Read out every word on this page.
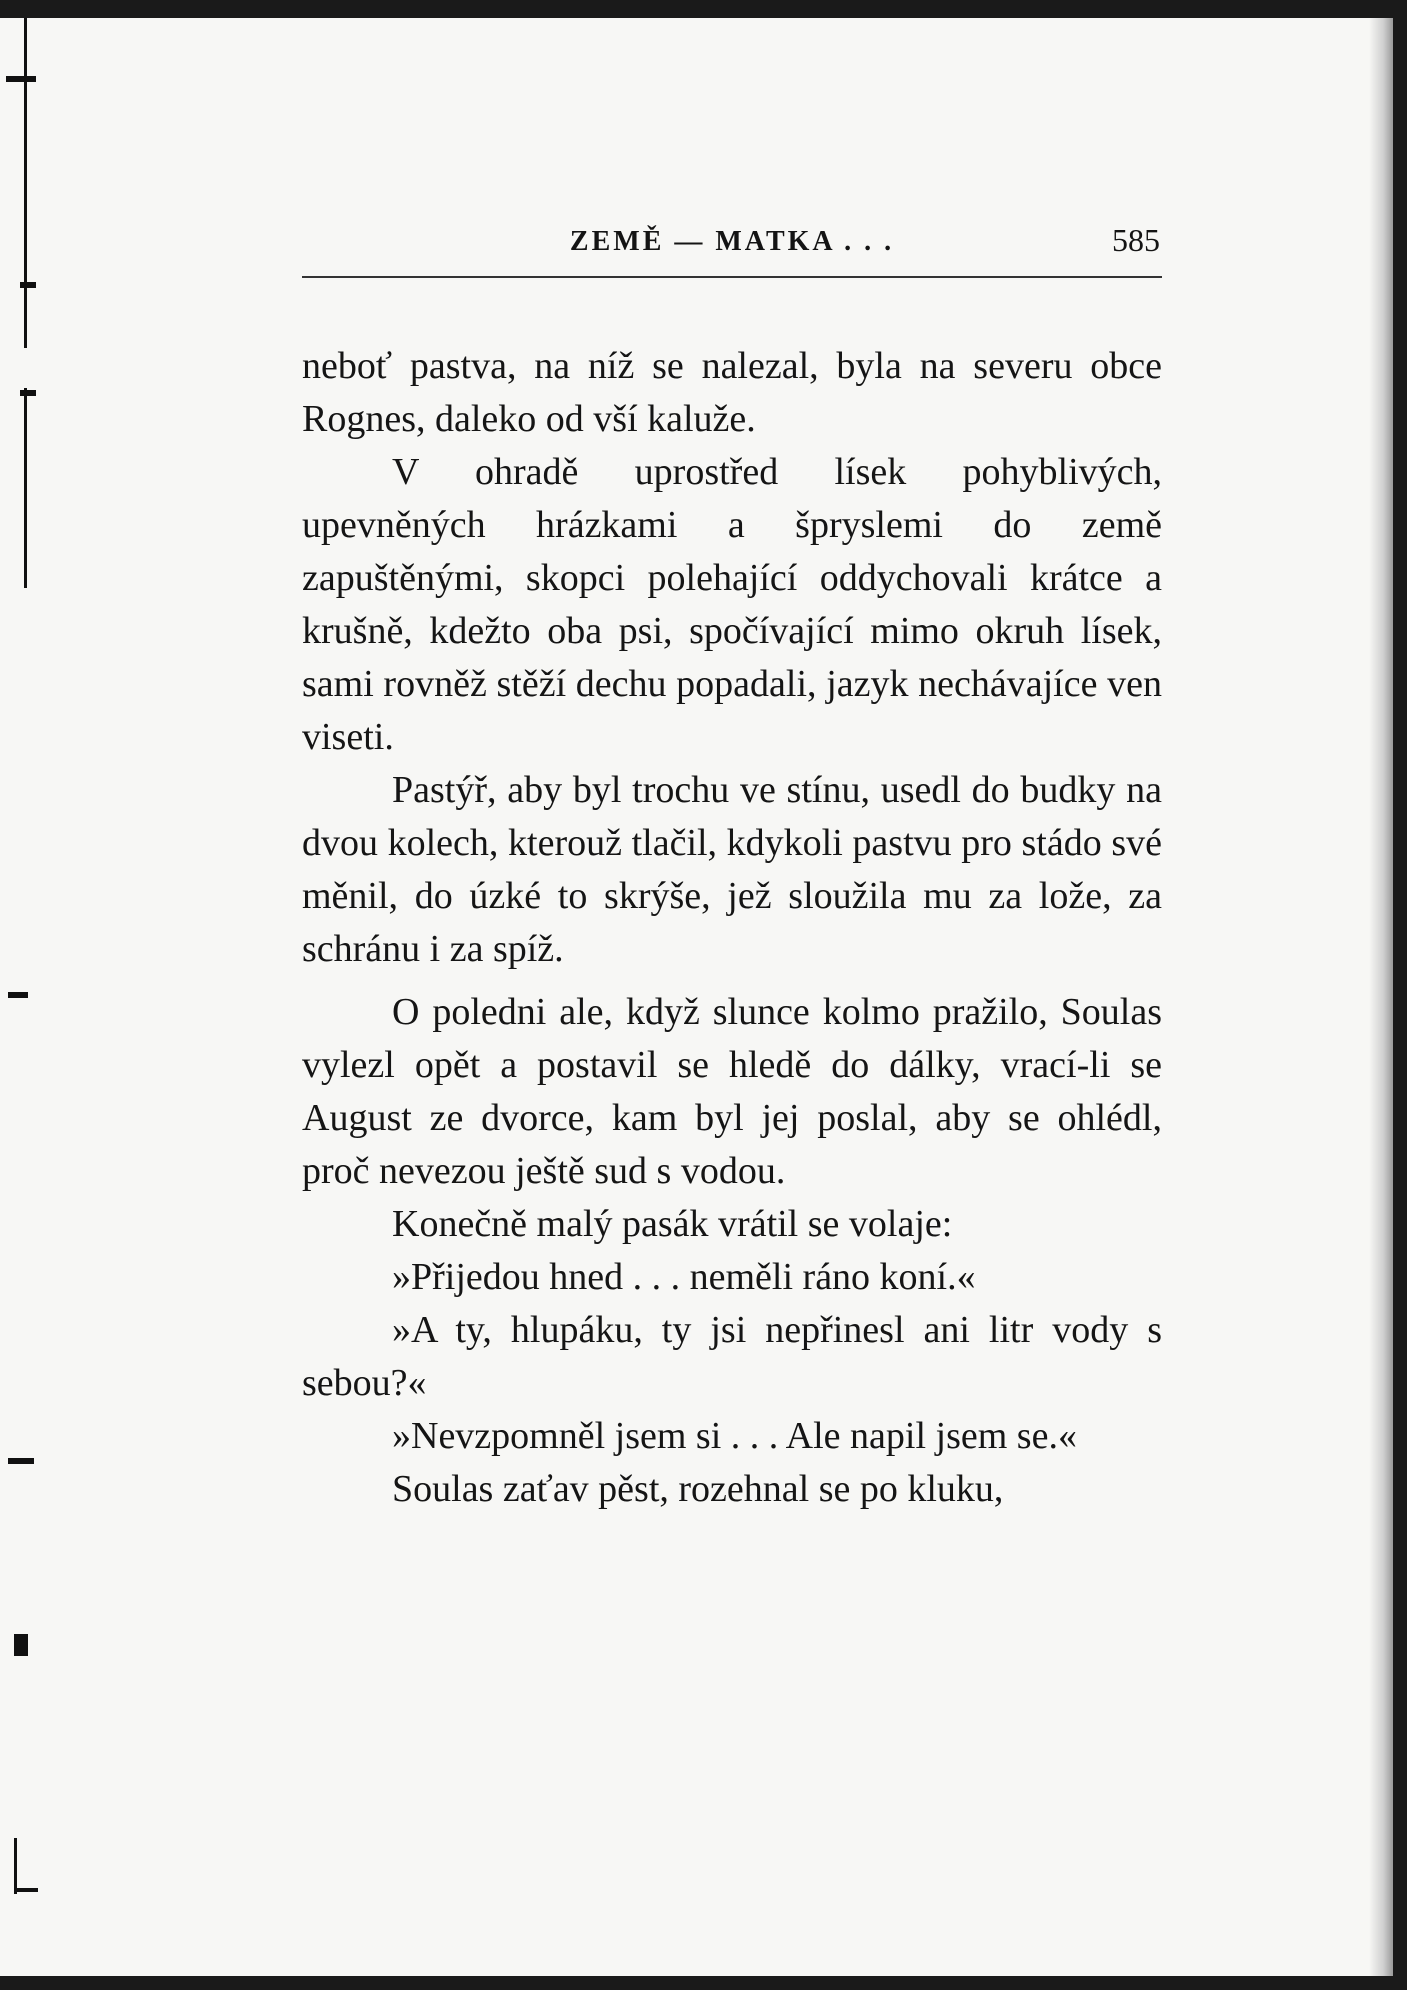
ZEMĚ — MATKA . . .	585

neboť pastva, na níž se nalezal, byla na severu obce Rognes, daleko od vší kaluže.

V ohradě uprostřed lísek pohyblivých, upevněných hrázkami a špryslemi do země zapuštěnými, skopci polehající oddychovali krátce a krušně, kdežto oba psi, spočívající mimo okruh lísek, sami rovněž stěží dechu popadali, jazyk nechávajíce ven viseti.

Pastýř, aby byl trochu ve stínu, usedl do budky na dvou kolech, kterouž tlačil, kdykoli pastvu pro stádo své měnil, do úzké to skrýše, jež sloužila mu za lože, za schránu i za spíž.

O poledni ale, když slunce kolmo pražilo, Soulas vylezl opět a postavil se hledě do dálky, vrací-li se August ze dvorce, kam byl jej poslal, aby se ohlédl, proč nevezou ještě sud s vodou.

Konečně malý pasák vrátil se volaje:

»Přijedou hned . . . neměli ráno koní.«

»A ty, hlupáku, ty jsi nepřinesl ani litr vody s sebou?«

»Nevzpomněl jsem si . . . Ale napil jsem se.«

Soulas zaťav pěst, rozehnal se po kluku,
